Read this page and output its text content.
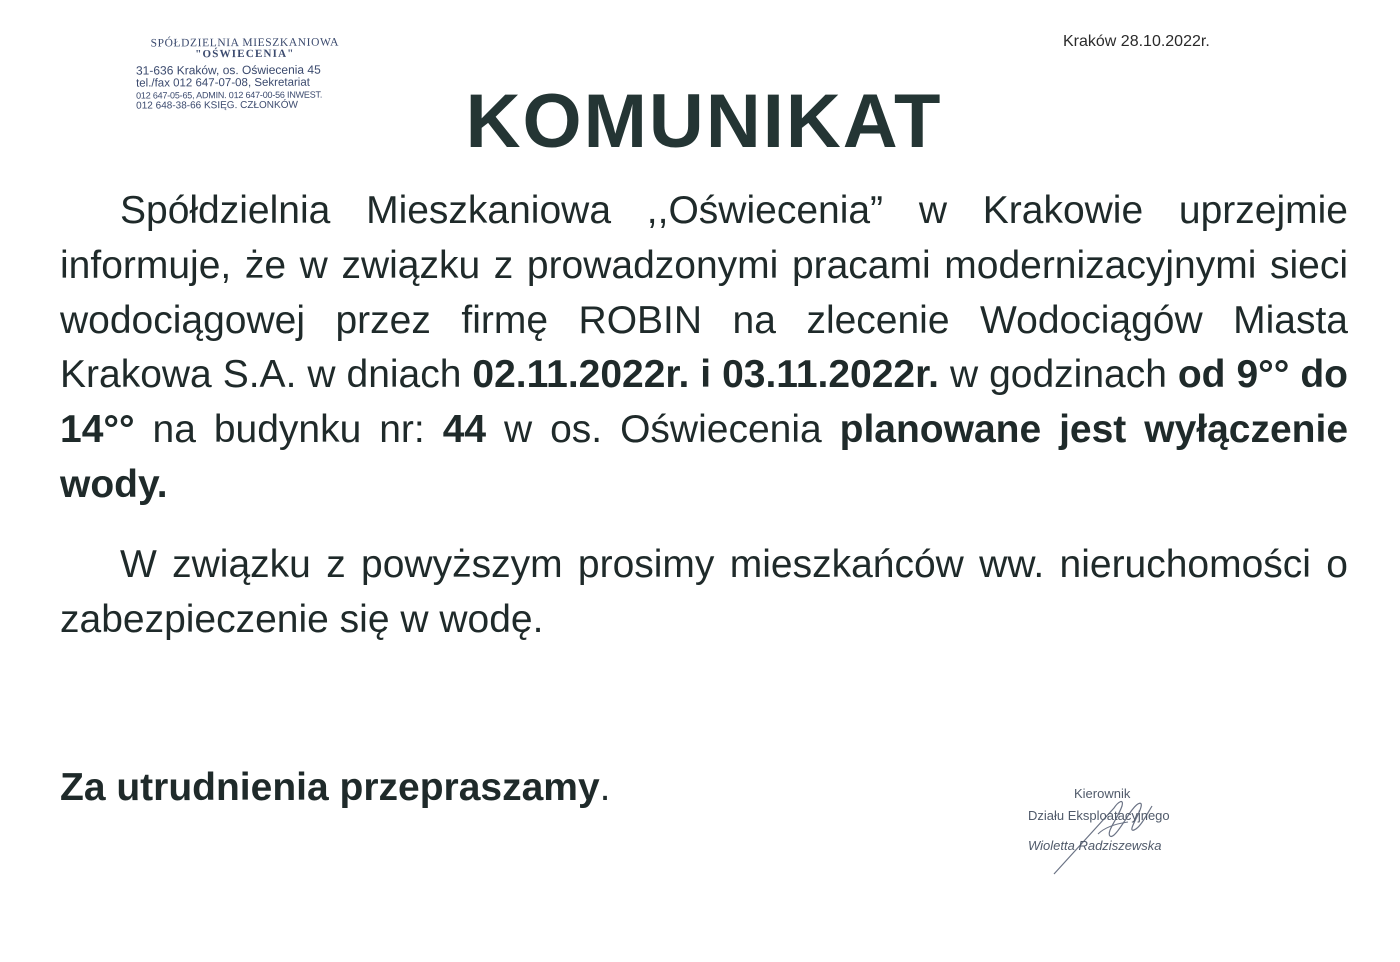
SPÓŁDZIELNIA MIESZKANIOWA
"OŚWIECENIA"
31-636 Kraków, os. Oświecenia 45
tel./fax 012 647-07-08, Sekretariat
012 647-05-65, ADMIN. 012 647-00-56 INWEST.
012 648-38-66 KSIĘG. CZŁONKÓW
Kraków 28.10.2022r.
KOMUNIKAT

Spółdzielnia Mieszkaniowa ,,Oświecenia” w Krakowie uprzejmie informuje, że w związku z prowadzonymi pracami modernizacyjnymi sieci wodociągowej przez firmę ROBIN na zlecenie Wodociągów Miasta Krakowa S.A. w dniach 02.11.2022r. i 03.11.2022r. w godzinach od 9°° do 14°° na budynku nr: 44 w os. Oświecenia planowane jest wyłączenie wody.

W związku z powyższym prosimy mieszkańców ww. nieruchomości o zabezpieczenie się w wodę.

Za utrudnienia przepraszamy.	Kierownik
Działu Eksploatacyjnego
Wioletta Radziszewska
